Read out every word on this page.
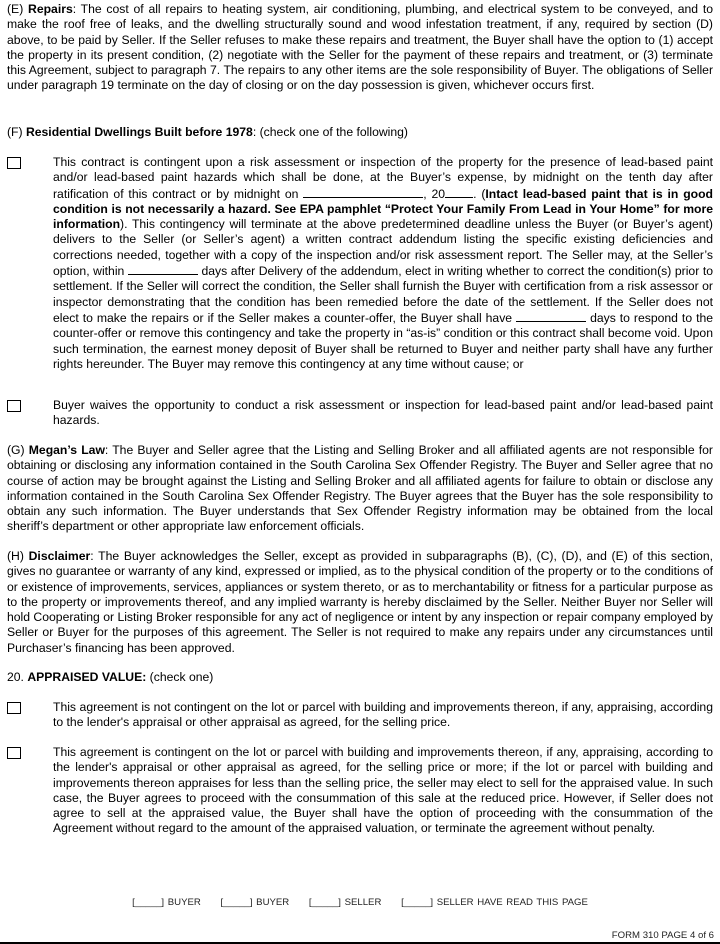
(E) Repairs: The cost of all repairs to heating system, air conditioning, plumbing, and electrical system to be conveyed, and to make the roof free of leaks, and the dwelling structurally sound and wood infestation treatment, if any, required by section (D) above, to be paid by Seller. If the Seller refuses to make these repairs and treatment, the Buyer shall have the option to (1) accept the property in its present condition, (2) negotiate with the Seller for the payment of these repairs and treatment, or (3) terminate this Agreement, subject to paragraph 7. The repairs to any other items are the sole responsibility of Buyer. The obligations of Seller under paragraph 19 terminate on the day of closing or on the day possession is given, whichever occurs first.
(F) Residential Dwellings Built before 1978: (check one of the following)
This contract is contingent upon a risk assessment or inspection of the property for the presence of lead-based paint and/or lead-based paint hazards which shall be done, at the Buyer’s expense, by midnight on the tenth day after ratification of this contract or by midnight on	, 20 . (Intact lead-based paint that is in good condition is not necessarily a hazard. See EPA pamphlet “Protect Your Family From Lead in Your Home” for more information). This contingency will terminate at the above predetermined deadline unless the Buyer (or Buyer’s agent) delivers to the Seller (or Seller’s agent) a written contract addendum listing the specific existing deficiencies and corrections needed, together with a copy of the inspection and/or risk assessment report. The Seller may, at the Seller’s option, within	days after Delivery of the addendum, elect in writing whether to correct the condition(s) prior to settlement. If the Seller will correct the condition, the Seller shall furnish the Buyer with certification from a risk assessor or inspector demonstrating that the condition has been remedied before the date of the settlement. If the Seller does not elect to make the repairs or if the Seller makes a counter-offer, the Buyer shall have	days to respond to the counter-offer or remove this contingency and take the property in “as-is” condition or this contract shall become void. Upon such termination, the earnest money deposit of Buyer shall be returned to Buyer and neither party shall have any further rights hereunder. The Buyer may remove this contingency at any time without cause; or
Buyer waives the opportunity to conduct a risk assessment or inspection for lead-based paint and/or lead-based paint hazards.
(G) Megan’s Law: The Buyer and Seller agree that the Listing and Selling Broker and all affiliated agents are not responsible for obtaining or disclosing any information contained in the South Carolina Sex Offender Registry. The Buyer and Seller agree that no course of action may be brought against the Listing and Selling Broker and all affiliated agents for failure to obtain or disclose any information contained in the South Carolina Sex Offender Registry. The Buyer agrees that the Buyer has the sole responsibility to obtain any such information. The Buyer understands that Sex Offender Registry information may be obtained from the local sheriff’s department or other appropriate law enforcement officials.
(H) Disclaimer: The Buyer acknowledges the Seller, except as provided in subparagraphs (B), (C), (D), and (E) of this section, gives no guarantee or warranty of any kind, expressed or implied, as to the physical condition of the property or to the conditions of or existence of improvements, services, appliances or system thereto, or as to merchantability or fitness for a particular purpose as to the property or improvements thereof, and any implied warranty is hereby disclaimed by the Seller. Neither Buyer nor Seller will hold Cooperating or Listing Broker responsible for any act of negligence or intent by any inspection or repair company employed by Seller or Buyer for the purposes of this agreement. The Seller is not required to make any repairs under any circumstances until Purchaser’s financing has been approved.
20. APPRAISED VALUE: (check one)
This agreement is not contingent on the lot or parcel with building and improvements thereon, if any, appraising, according to the lender's appraisal or other appraisal as agreed, for the selling price.
This agreement is contingent on the lot or parcel with building and improvements thereon, if any, appraising, according to the lender's appraisal or other appraisal as agreed, for the selling price or more; if the lot or parcel with building and improvements thereon appraises for less than the selling price, the seller may elect to sell for the appraised value. In such case, the Buyer agrees to proceed with the consummation of this sale at the reduced price. However, if Seller does not agree to sell at the appraised value, the Buyer shall have the option of proceeding with the consummation of the Agreement without regard to the amount of the appraised valuation, or terminate the agreement without penalty.
[_____] BUYER [_____] BUYER [_____] SELLER [_____] SELLER HAVE READ THIS PAGE
FORM 310 PAGE 4 of 6
